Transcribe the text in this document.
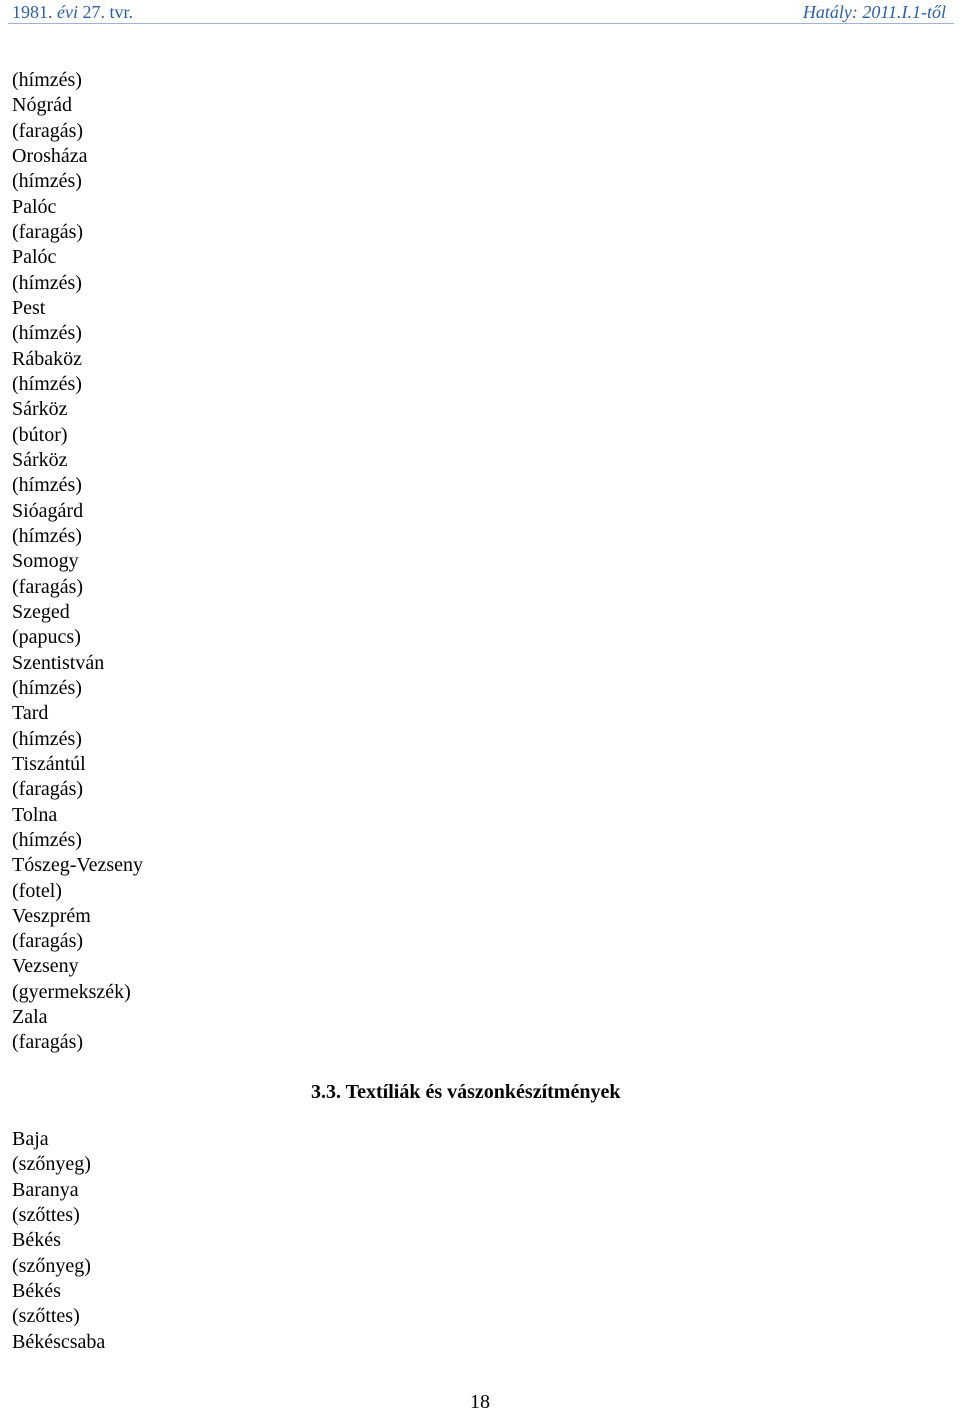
1981. évi 27. tvr.	Hatály: 2011.I.1-től
(hímzés)
Nógrád
(faragás)
Orosháza
(hímzés)
Palóc
(faragás)
Palóc
(hímzés)
Pest
(hímzés)
Rábaköz
(hímzés)
Sárköz
(bútor)
Sárköz
(hímzés)
Sióagárd
(hímzés)
Somogy
(faragás)
Szeged
(papucs)
Szentistván
(hímzés)
Tard
(hímzés)
Tiszántúl
(faragás)
Tolna
(hímzés)
Tószeg-Vezseny
(fotel)
Veszprém
(faragás)
Vezseny
(gyermekszék)
Zala
(faragás)
3.3. Textíliák és vászonkészítmények
Baja
(szőnyeg)
Baranya
(szőttes)
Békés
(szőnyeg)
Békés
(szőttes)
Békéscsaba
18
